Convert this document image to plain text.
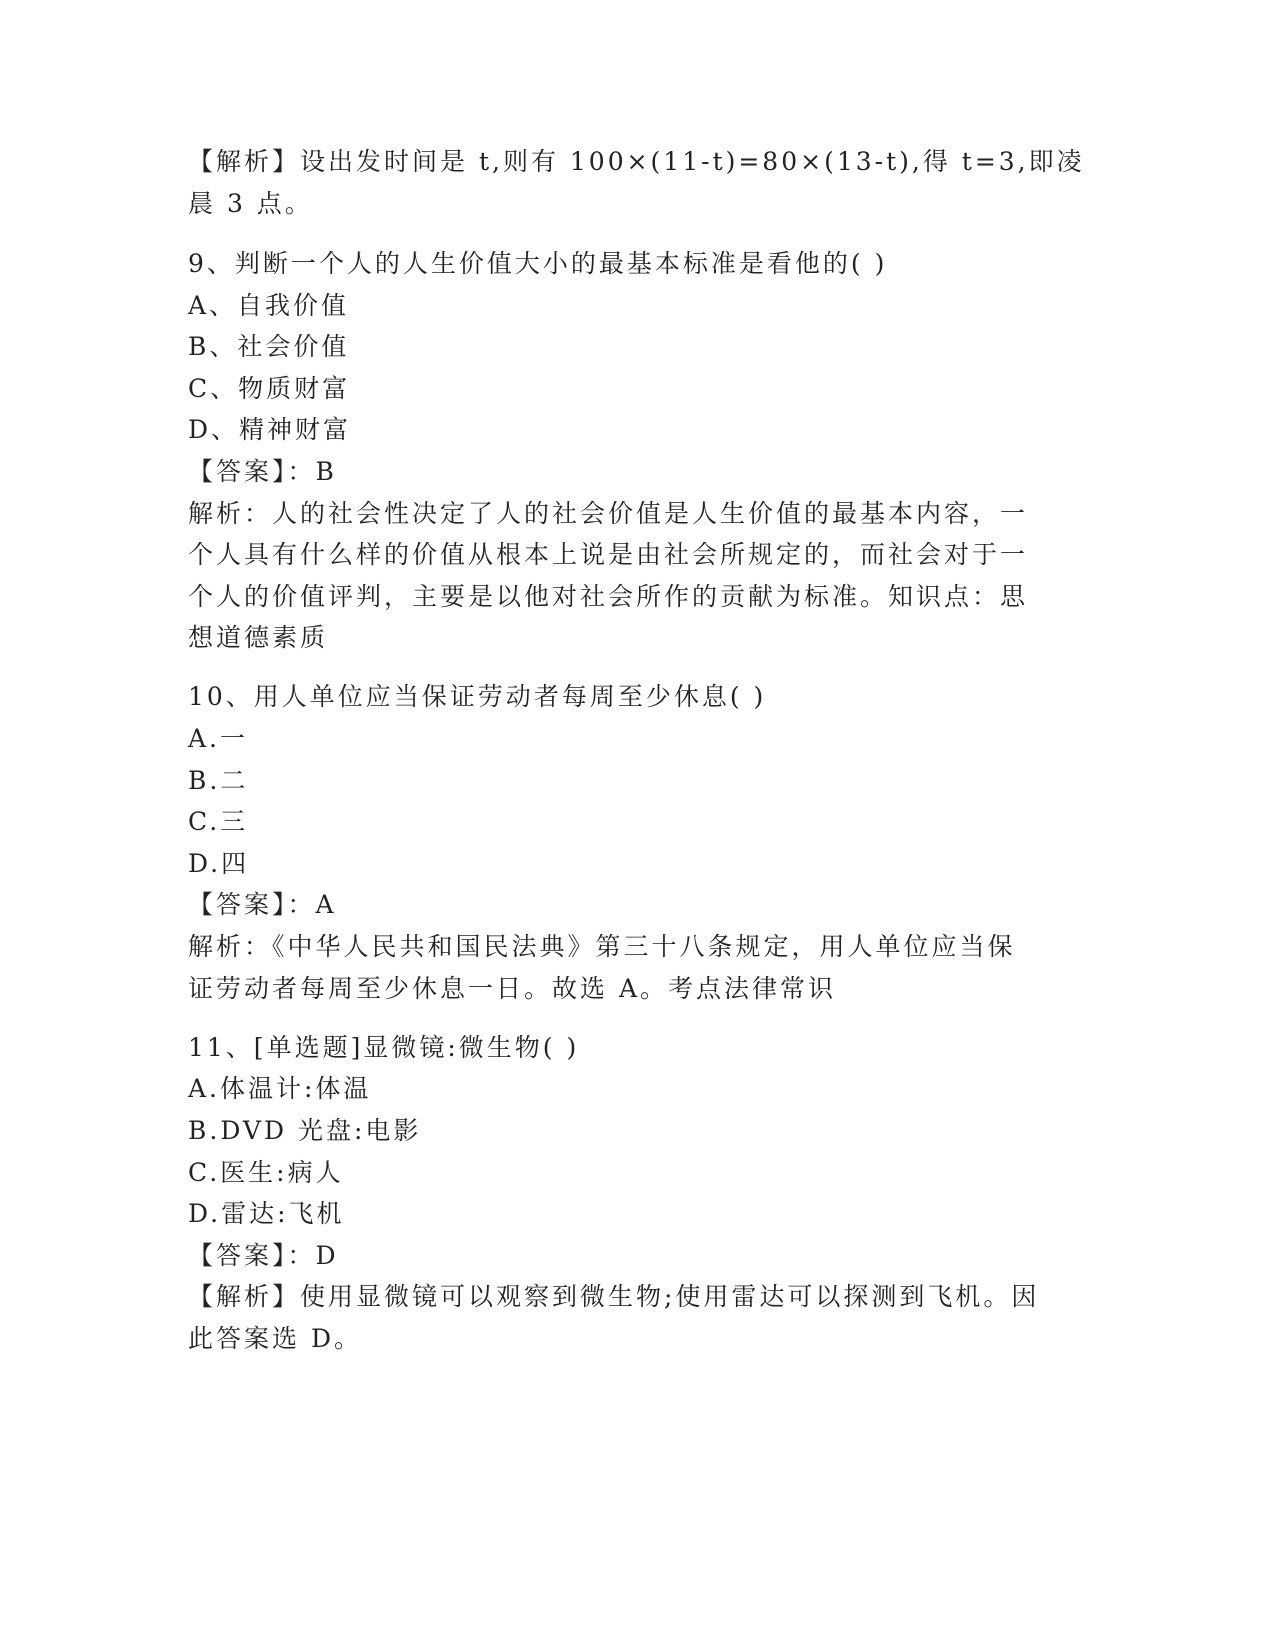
【解析】设出发时间是 t,则有 100×(11-t)=80×(13-t),得 t=3,即凌

晨 3 点。

9、判断一个人的人生价值大小的最基本标准是看他的( )

A、自我价值

B、社会价值

C、物质财富

D、精神财富

【答案】：B

解析：人的社会性决定了人的社会价值是人生价值的最基本内容，一

个人具有什么样的价值从根本上说是由社会所规定的，而社会对于一

个人的价值评判，主要是以他对社会所作的贡献为标准。知识点：思

想道德素质

10、用人单位应当保证劳动者每周至少休息( )

A.一

B.二

C.三

D.四

【答案】：A

解析：《中华人民共和国民法典》第三十八条规定，用人单位应当保

证劳动者每周至少休息一日。故选 A。考点法律常识

11、[单选题]显微镜:微生物( )

A.体温计:体温

B.DVD 光盘:电影

C.医生:病人

D.雷达:飞机

【答案】：D

【解析】使用显微镜可以观察到微生物;使用雷达可以探测到飞机。因

此答案选 D。
